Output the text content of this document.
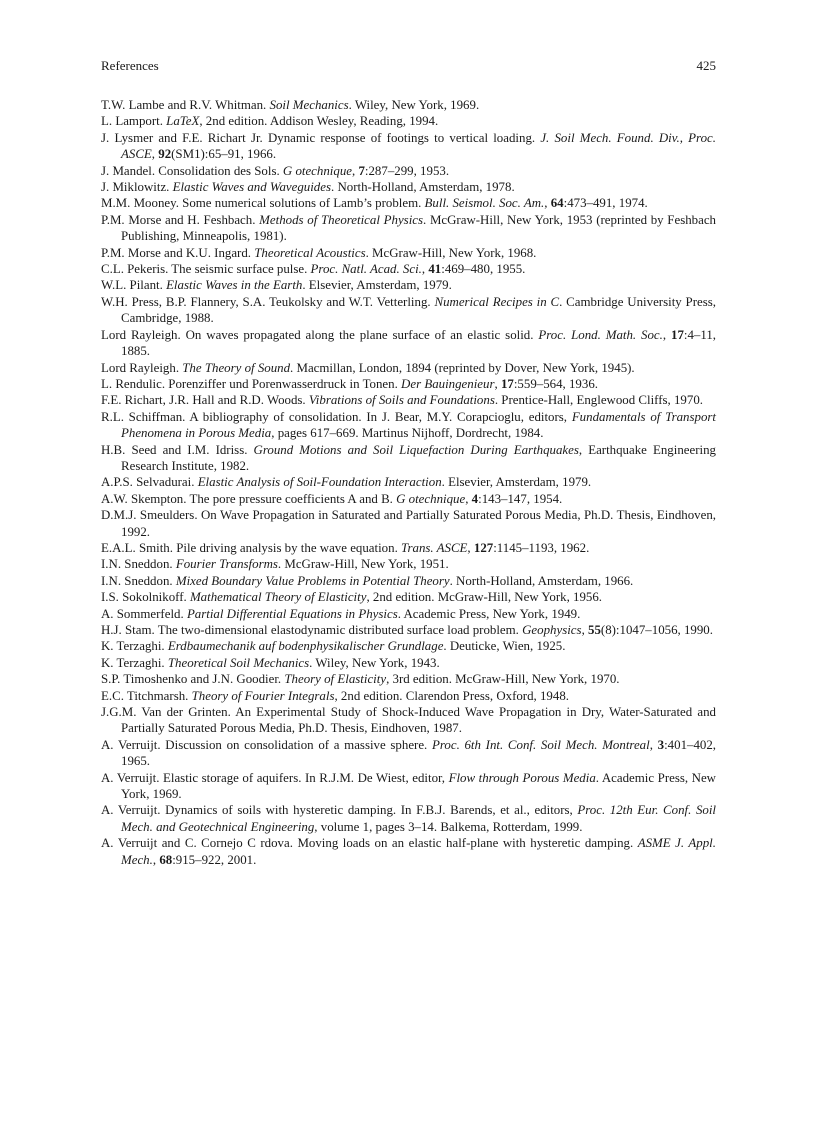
References	425

T.W. Lambe and R.V. Whitman. Soil Mechanics. Wiley, New York, 1969.

L. Lamport. LaTeX, 2nd edition. Addison Wesley, Reading, 1994.

J. Lysmer and F.E. Richart Jr. Dynamic response of footings to vertical loading. J. Soil Mech. Found. Div., Proc. ASCE, 92(SM1):65–91, 1966.

J. Mandel. Consolidation des Sols. G otechnique, 7:287–299, 1953.

J. Miklowitz. Elastic Waves and Waveguides. North-Holland, Amsterdam, 1978.

M.M. Mooney. Some numerical solutions of Lamb’s problem. Bull. Seismol. Soc. Am., 64:473–491, 1974.

P.M. Morse and H. Feshbach. Methods of Theoretical Physics. McGraw-Hill, New York, 1953 (reprinted by Feshbach Publishing, Minneapolis, 1981).

P.M. Morse and K.U. Ingard. Theoretical Acoustics. McGraw-Hill, New York, 1968.

C.L. Pekeris. The seismic surface pulse. Proc. Natl. Acad. Sci., 41:469–480, 1955.

W.L. Pilant. Elastic Waves in the Earth. Elsevier, Amsterdam, 1979.

W.H. Press, B.P. Flannery, S.A. Teukolsky and W.T. Vetterling. Numerical Recipes in C. Cambridge University Press, Cambridge, 1988.

Lord Rayleigh. On waves propagated along the plane surface of an elastic solid. Proc. Lond. Math. Soc., 17:4–11, 1885.

Lord Rayleigh. The Theory of Sound. Macmillan, London, 1894 (reprinted by Dover, New York, 1945).

L. Rendulic. Porenziffer und Porenwasserdruck in Tonen. Der Bauingenieur, 17:559–564, 1936.

F.E. Richart, J.R. Hall and R.D. Woods. Vibrations of Soils and Foundations. Prentice-Hall, Englewood Cliffs, 1970.

R.L. Schiffman. A bibliography of consolidation. In J. Bear, M.Y. Corapcioglu, editors, Fundamentals of Transport Phenomena in Porous Media, pages 617–669. Martinus Nijhoff, Dordrecht, 1984.

H.B. Seed and I.M. Idriss. Ground Motions and Soil Liquefaction During Earthquakes, Earthquake Engineering Research Institute, 1982.

A.P.S. Selvadurai. Elastic Analysis of Soil-Foundation Interaction. Elsevier, Amsterdam, 1979.

A.W. Skempton. The pore pressure coefficients A and B. G otechnique, 4:143–147, 1954.

D.M.J. Smeulders. On Wave Propagation in Saturated and Partially Saturated Porous Media, Ph.D. Thesis, Eindhoven, 1992.

E.A.L. Smith. Pile driving analysis by the wave equation. Trans. ASCE, 127:1145–1193, 1962.

I.N. Sneddon. Fourier Transforms. McGraw-Hill, New York, 1951.

I.N. Sneddon. Mixed Boundary Value Problems in Potential Theory. North-Holland, Amsterdam, 1966.

I.S. Sokolnikoff. Mathematical Theory of Elasticity, 2nd edition. McGraw-Hill, New York, 1956.

A. Sommerfeld. Partial Differential Equations in Physics. Academic Press, New York, 1949.

H.J. Stam. The two-dimensional elastodynamic distributed surface load problem. Geophysics, 55(8):1047–1056, 1990.

K. Terzaghi. Erdbaumechanik auf bodenphysikalischer Grundlage. Deuticke, Wien, 1925.

K. Terzaghi. Theoretical Soil Mechanics. Wiley, New York, 1943.

S.P. Timoshenko and J.N. Goodier. Theory of Elasticity, 3rd edition. McGraw-Hill, New York, 1970.

E.C. Titchmarsh. Theory of Fourier Integrals, 2nd edition. Clarendon Press, Oxford, 1948.

J.G.M. Van der Grinten. An Experimental Study of Shock-Induced Wave Propagation in Dry, Water-Saturated and Partially Saturated Porous Media, Ph.D. Thesis, Eindhoven, 1987.

A. Verruijt. Discussion on consolidation of a massive sphere. Proc. 6th Int. Conf. Soil Mech. Montreal, 3:401–402, 1965.

A. Verruijt. Elastic storage of aquifers. In R.J.M. De Wiest, editor, Flow through Porous Media. Academic Press, New York, 1969.

A. Verruijt. Dynamics of soils with hysteretic damping. In F.B.J. Barends, et al., editors, Proc. 12th Eur. Conf. Soil Mech. and Geotechnical Engineering, volume 1, pages 3–14. Balkema, Rotterdam, 1999.

A. Verruijt and C. Cornejo C rdova. Moving loads on an elastic half-plane with hysteretic damping. ASME J. Appl. Mech., 68:915–922, 2001.
